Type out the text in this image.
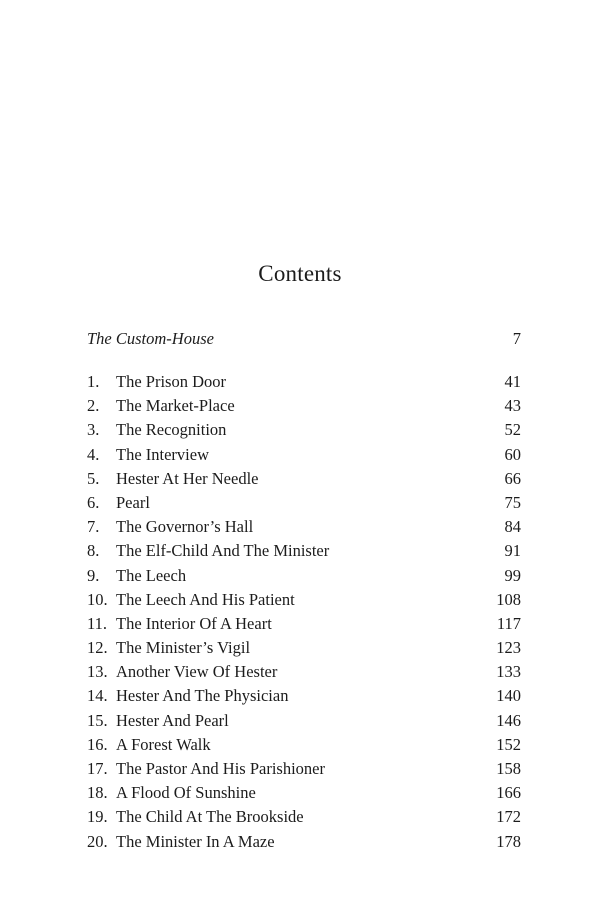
Contents
The Custom-House	7
1. The Prison Door	41
2. The Market-Place	43
3. The Recognition	52
4. The Interview	60
5. Hester At Her Needle	66
6. Pearl	75
7. The Governor’s Hall	84
8. The Elf-Child And The Minister	91
9. The Leech	99
10. The Leech And His Patient	108
11. The Interior Of A Heart	117
12. The Minister’s Vigil	123
13. Another View Of Hester	133
14. Hester And The Physician	140
15. Hester And Pearl	146
16. A Forest Walk	152
17. The Pastor And His Parishioner	158
18. A Flood Of Sunshine	166
19. The Child At The Brookside	172
20. The Minister In A Maze	178
